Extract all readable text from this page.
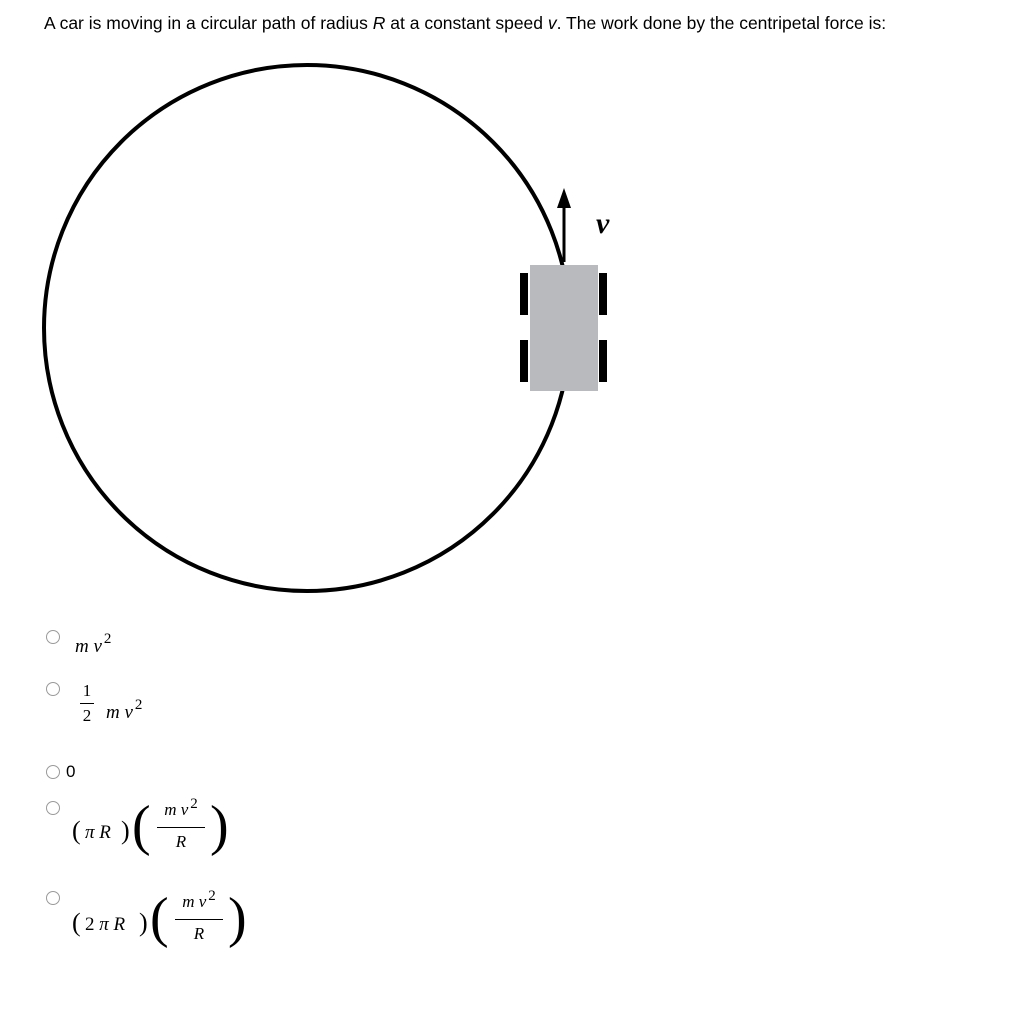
A car is moving in a circular path of radius R at a constant speed v. The work done by the centripetal force is:
v
m v $^2$
1
2 m v $^2$
0
( π R ) ( m v 2
R )
( 2 π R ) ( m v 2
R )
